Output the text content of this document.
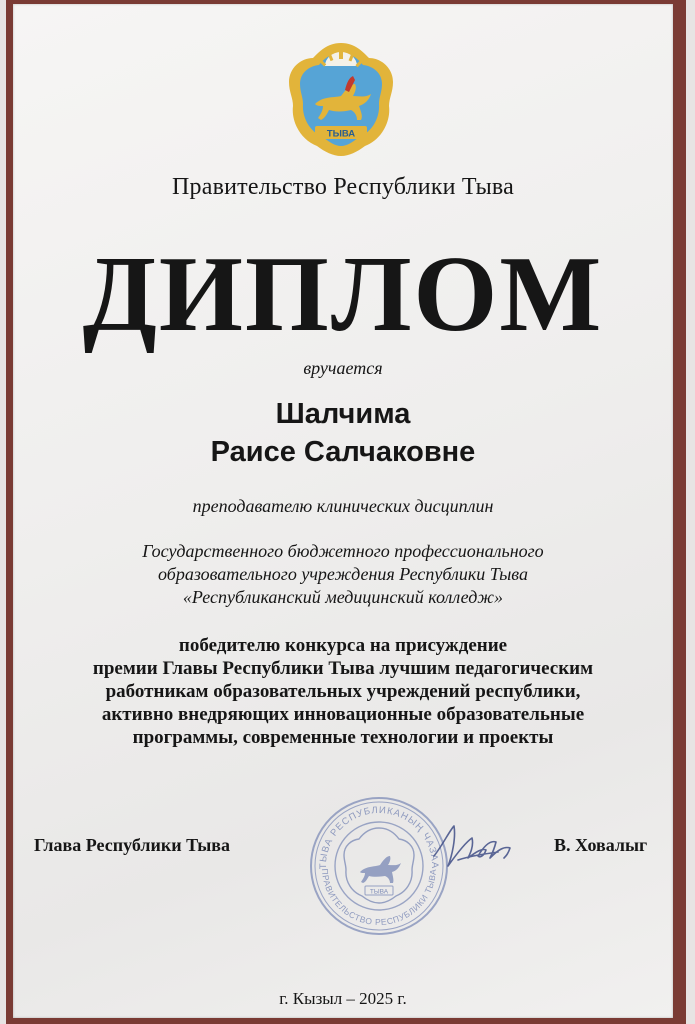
ТЫВА
Правительство Республики Тыва
ДИПЛОМ
вручается
Шалчима
Раисе Салчаковне
преподавателю клинических дисциплин
Государственного бюджетного профессионального
образовательного учреждения Республики Тыва
«Республиканский медицинский колледж»
победителю конкурса на присуждение
премии Главы Республики Тыва лучшим педагогическим
работникам образовательных учреждений республики,
активно внедряющих инновационные образовательные
программы, современные технологии и проекты
Глава Республики Тыва
ТЫВА РЕСПУБЛИКАНЫҢ ЧАЗАА
ПРАВИТЕЛЬСТВО РЕСПУБЛИКИ ТЫВА
ТЫВА
В. Ховалыг
г. Кызыл – 2025 г.
